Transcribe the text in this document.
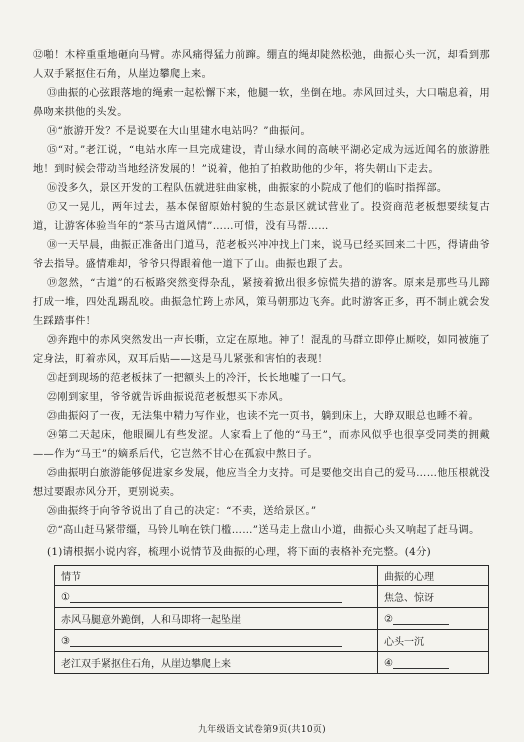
⑫啪！木梓重重地砸向马臂。赤风痛得猛力前蹿。绷直的绳却陡然松弛，曲振心头一沉，却看到那人双手紧抠住石角，从崖边攀爬上来。

⑬曲振的心弦跟落地的绳索一起松懈下来，他腿一软，坐倒在地。赤风回过头，大口喘息着，用鼻吻来拱他的头发。

⑭“旅游开发？不是说要在大山里建水电站吗？”曲振问。

⑮“对。”老江说，“电站水库一旦完成建设，青山绿水间的高峡平湖必定成为远近闻名的旅游胜地！到时候会带动当地经济发展的！”说着，他拍了拍救助他的少年，将失朝山下走去。

⑯没多久，景区开发的工程队伍就进驻曲家桃，曲振家的小院成了他们的临时指挥部。

⑰又一晃儿，两年过去，基本保留原始村貌的生态景区就试营业了。投资商范老板想要续复古道，让游客体验当年的“茶马古道风情”……可惜，没有马帮……

⑱一天早晨，曲振正准备出门道马，范老板兴冲冲找上门来，说马已经买回来二十匹，得请曲爷爷去指导。盛情难却，爷爷只得跟着他一道下了山。曲振也跟了去。

⑲忽然，“古道”的石板路突然变得杂乱，紧接着掀出很多惊慌失措的游客。原来是那些马儿蹄打成一堆，四处乱踢乱咬。曲振急忙跨上赤风，策马朝那边飞奔。此时游客正多，再不制止就会发生踩踏事件！

⑳奔跑中的赤风突然发出一声长嘶，立定在原地。神了！混乱的马群立即停止厮咬，如同被施了定身法，盯着赤风，双耳后贴——这是马儿紧张和害怕的表现！

㉑赶到现场的范老板抹了一把额头上的冷汗，长长地嘘了一口气。

㉒刚到家里，爷爷就告诉曲振说范老板想买下赤风。

㉓曲振闷了一夜，无法集中精力写作业，也读不完一页书，躺到床上，大睁双眼总也睡不着。

㉔第二天起床，他眼圈儿有些发涩。人家看上了他的“马王”，而赤风似乎也很享受同类的拥戴——作为“马王”的嫡系后代，它岂然不甘心在孤寂中熬日子。

㉕曲振明白旅游能够促进家乡发展，他应当全力支持。可是要他交出自己的爱马……他压根就没想过要跟赤风分开，更别说卖。

㉖曲振终于向爷爷说出了自己的决定：“不卖，送给景区。”

㉗“高山赶马紧带缰，马铃儿响在铁门槛……”送马走上盘山小道，曲振心头又响起了赶马调。

(1)请根据小说内容，梳理小说情节及曲振的心理，将下面的表格补充完整。(4分)

情节	曲振的心理
①	焦急、惊讶
赤风马腿意外跪倒，人和马即将一起坠崖	②
③	心头一沉
老江双手紧抠住石角，从崖边攀爬上来	④
九年级语文试卷第9页(共10页)
